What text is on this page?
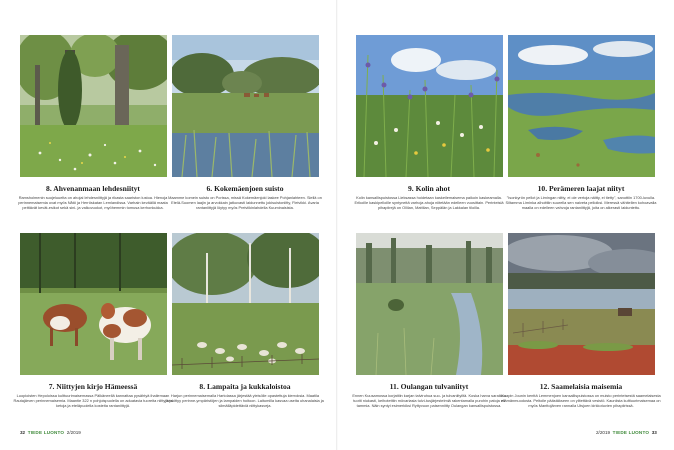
8. Ahvenanmaan lehdesniityt

Ramsholmenin suojeluuelta on ahojai lehdesniittyjä ja rikasta saariston lustoa. Hienoja perinnemaisemia ovat myös Nåtö ja Herröskatan Lemlandissa. Varhain keväällä maata peittävät kevät-esikot sekä sini- ja valkovuokot, myöhemmin tomusa kerhonkukka.

6. Kokemäenjoen suisto

Maamme komein suisto on Porissa, missä Kokemäenjoki laskee Pohjanlahteen. Siellä on Etelä-Suomen laajin ja arvokkain jatkuvasti laidunnettu jokisuistoniitty, Fleivikki. Avaria rantaniittyjä löytyy myös Preiviikinlahdella Kuuminaisista.

7. Niittyjen kirjo Hämeessä

Luopioisten Hepoloissa kulttuurimaisemassa Pälkäneellä kannattaa pysähtyä ihailemaan Rautajärven perinnemaisemia. Maantie 322 n pohjoispuolella on aduatavia tuoreita niittyjä ja ketoja ja eteläpuolella kosteita rantaniittyjä.

8. Lampaita ja kukkaloistoa

Harjun perinnemaisemalla Hartolassa järjestää yleisölle opastettuja kierroksia. Maatila keskittyy perinne-ympäristöjen ja lampaiden hoitoon. Laitumilla kasvaa useita uhanalaisia ja silmälläpidettäviä niittykasveja.

32 TIEDE LUONTO 2/2019
9. Kolin ahot

Kolin kansallispuistossa Lieksassa hoidetaan kaskeilemaisema paikoin kaskeamalla. Erikoille kaskipelloille syntyneitä varhoja ahoja niitetään edelleen vuosittain. Perinteisiä pihapiirejä on Ollilan, Mattilan, Seppälän ja Lakkalan tiloilla.

10. Perämeren laajat niityt

"Isonkyrön pellot ja Limingan niitty, ei ole vertoja näitty, ei tietty", sanottiin 1700-luvulla. Siltamma Liminka alhoittiin suurella sen naiveta pelloiksi. Meressä vähitellen kohoavalla maalla on edelleen vahvoja rantaniittyjä, joita on alkerasti laiduntettu.

11. Oulangan tulvaniityt

Ennen Kuusamossa korjattiin karjan talviruhua suo- ja tulvaniityiltä. Koska harva saraikko tuotti niukasti, keihotettiin mövarlasia tulvi-tusjärjestelmiä rakentamalla purohin patoja eli tammia. Näin syntyi esimerkiksi Ryttyvuon paisenniitty Oulangan kansallispuistossa.

12. Saamelaisia maisemia

Kaapin Jounin kenttä Lemmenjoen kansallispuistossa on muisto perinteisestä saamelaisesta elämänmuodosta. Peltoile päästäkseen on ylitettävä vesistö. Kauniista kulttuurimaisemaa on myös Manttojärven rannalla Utsjoen kirkkotuvien pihapiirissä.

2/2019 TIEDE LUONTO 33
